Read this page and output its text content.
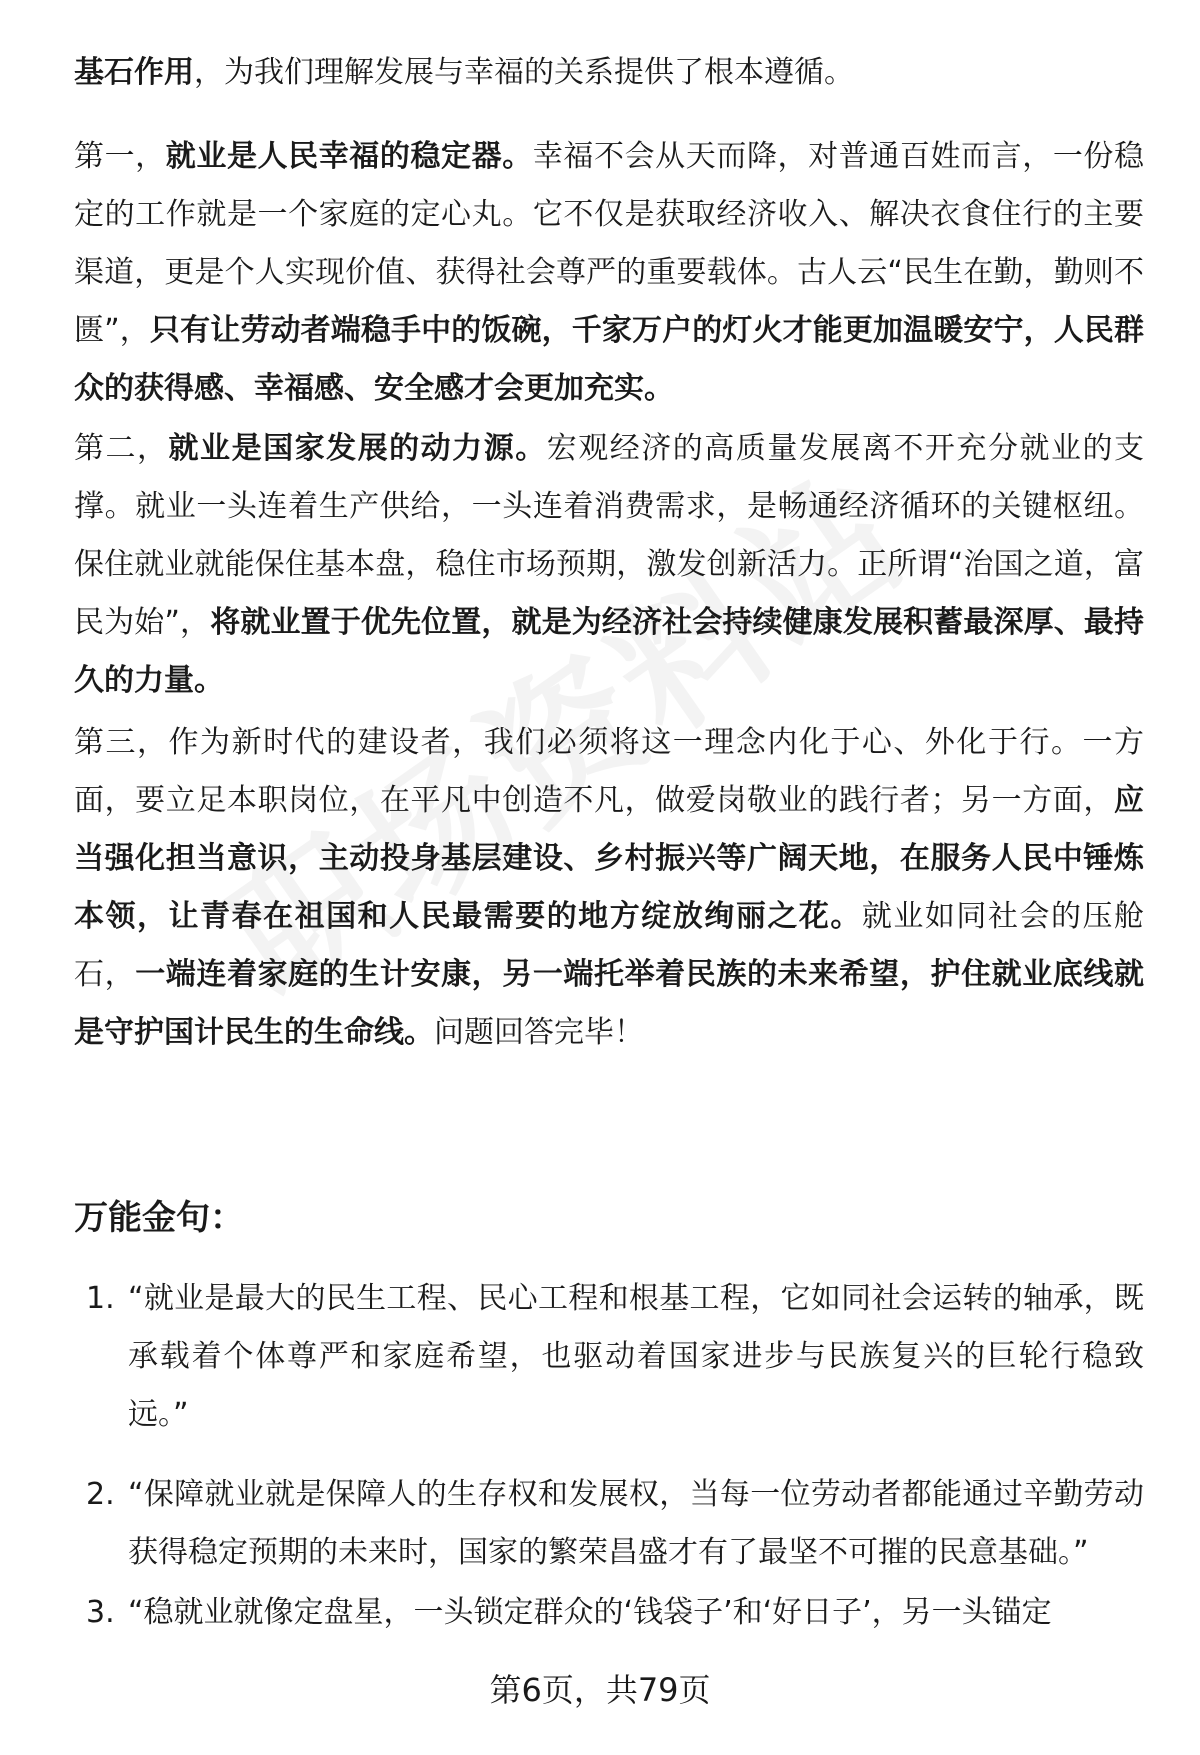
基石作用，为我们理解发展与幸福的关系提供了根本遵循。

第一，就业是人民幸福的稳定器。幸福不会从天而降，对普通百姓而言，一份稳定的工作就是一个家庭的定心丸。它不仅是获取经济收入、解决衣食住行的主要渠道，更是个人实现价值、获得社会尊严的重要载体。古人云“民生在勤，勤则不匮”，只有让劳动者端稳手中的饭碗，千家万户的灯火才能更加温暖安宁，人民群众的获得感、幸福感、安全感才会更加充实。

第二，就业是国家发展的动力源。宏观经济的高质量发展离不开充分就业的支撑。就业一头连着生产供给，一头连着消费需求，是畅通经济循环的关键枢纽。保住就业就能保住基本盘，稳住市场预期，激发创新活力。正所谓“治国之道，富民为始”，将就业置于优先位置，就是为经济社会持续健康发展积蓄最深厚、最持久的力量。

第三，作为新时代的建设者，我们必须将这一理念内化于心、外化于行。一方面，要立足本职岗位，在平凡中创造不凡，做爱岗敬业的践行者；另一方面，应当强化担当意识，主动投身基层建设、乡村振兴等广阔天地，在服务人民中锤炼本领，让青春在祖国和人民最需要的地方绽放绚丽之花。就业如同社会的压舱石，一端连着家庭的生计安康，另一端托举着民族的未来希望，护住就业底线就是守护国计民生的生命线。问题回答完毕！

万能金句：
1. “就业是最大的民生工程、民心工程和根基工程，它如同社会运转的轴承，既承载着个体尊严和家庭希望，也驱动着国家进步与民族复兴的巨轮行稳致远。”
2. “保障就业就是保障人的生存权和发展权，当每一位劳动者都能通过辛勤劳动获得稳定预期的未来时，国家的繁荣昌盛才有了最坚不可摧的民意基础。”
3. “稳就业就像定盘星，一头锁定群众的‘钱袋子’和‘好日子’，另一头锚定
第6页，共79页
